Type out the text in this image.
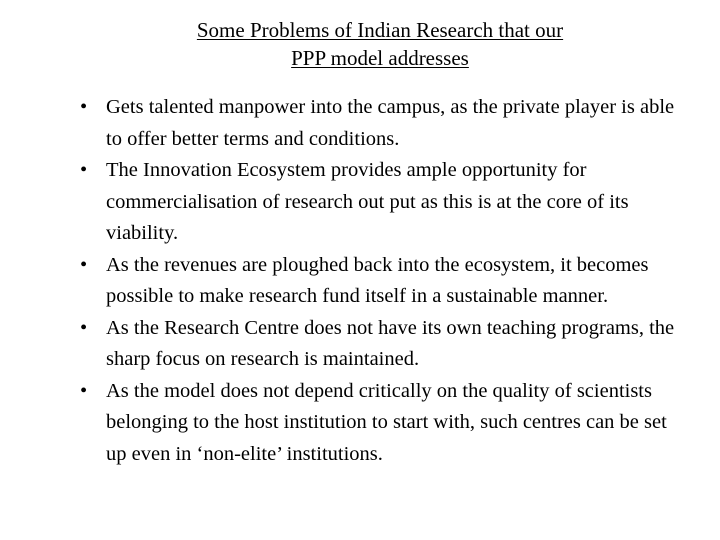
Some Problems of Indian Research that our
PPP model addresses
• Gets talented manpower into the campus, as the private player is able to offer better terms and conditions.
• The Innovation Ecosystem provides ample opportunity for commercialisation of research out put as this is at the core of its viability.
• As the revenues are ploughed back into the ecosystem, it becomes possible to make research fund itself in a sustainable manner.
• As the Research Centre does not have its own teaching programs, the sharp focus on research is maintained.
• As the model does not depend critically on the quality of scientists belonging to the host institution to start with, such centres can be set up even in ‘non-elite’ institutions.
